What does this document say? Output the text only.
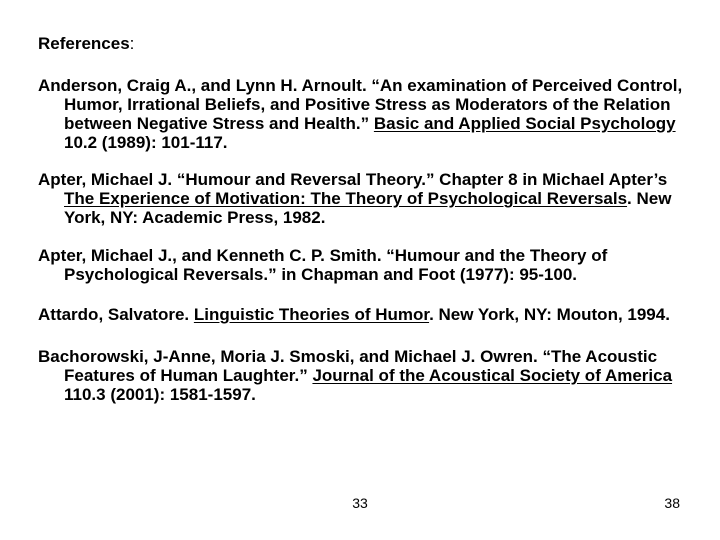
References:

Anderson, Craig A., and Lynn H. Arnoult. “An examination of Perceived Control, Humor, Irrational Beliefs, and Positive Stress as Moderators of the Relation between Negative Stress and Health.” Basic and Applied Social Psychology 10.2 (1989): 101-117.

Apter, Michael J. “Humour and Reversal Theory.” Chapter 8 in Michael Apter’s The Experience of Motivation: The Theory of Psychological Reversals. New York, NY: Academic Press, 1982.

Apter, Michael J., and Kenneth C. P. Smith. “Humour and the Theory of Psychological Reversals.” in Chapman and Foot (1977): 95-100.

Attardo, Salvatore. Linguistic Theories of Humor. New York, NY: Mouton, 1994.

Bachorowski, J-Anne, Moria J. Smoski, and Michael J. Owren. “The Acoustic Features of Human Laughter.” Journal of the Acoustical Society of America 110.3 (2001): 1581-1597.

33	38
